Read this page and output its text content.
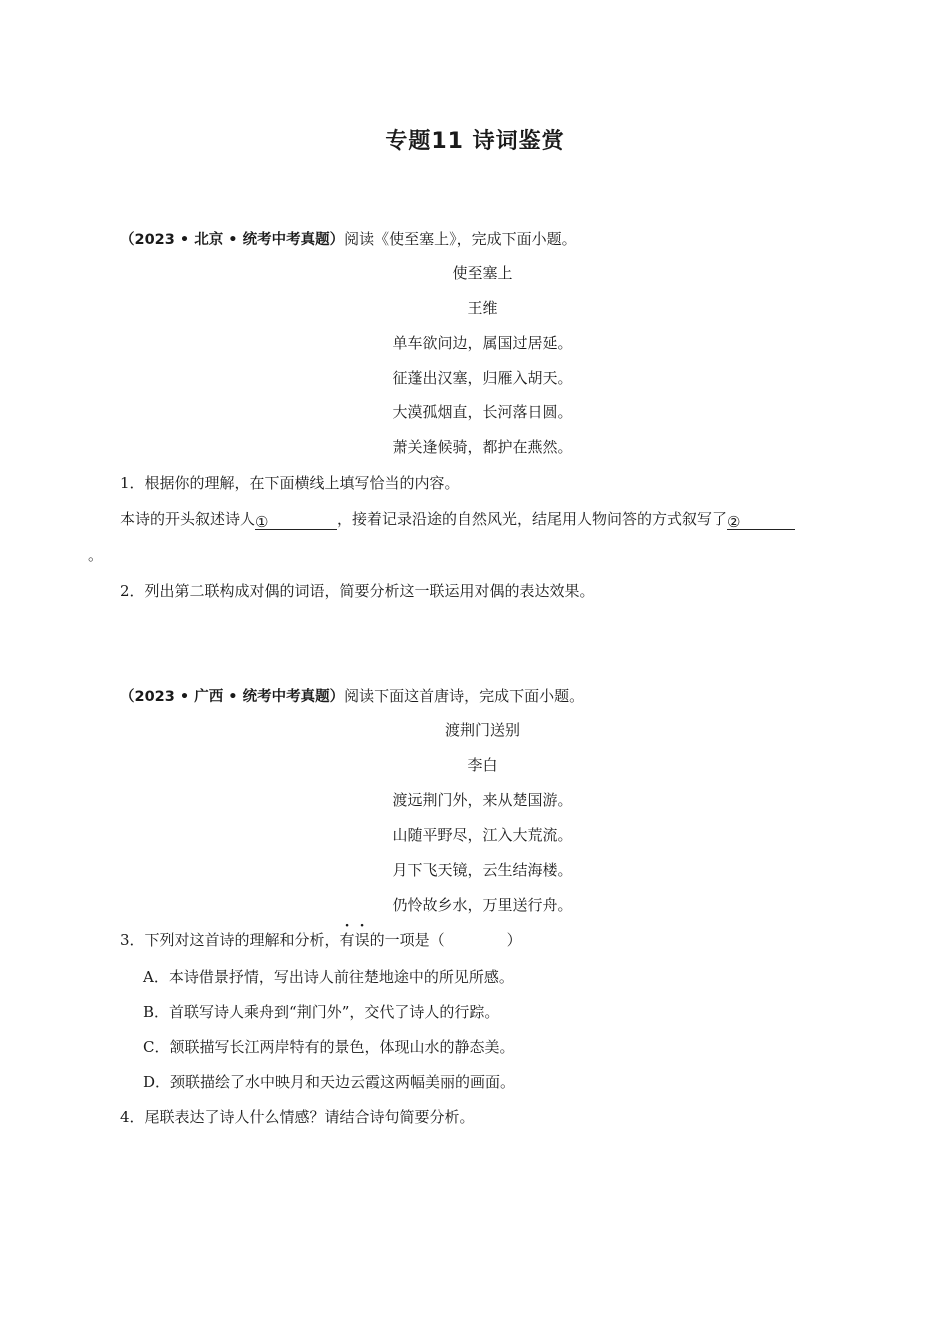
专题11 诗词鉴赏
（2023 • 北京 • 统考中考真题）阅读《使至塞上》，完成下面小题。
使至塞上
王维
单车欲问边，属国过居延。
征蓬出汉塞，归雁入胡天。
大漠孤烟直，长河落日圆。
萧关逢候骑，都护在燕然。
1．根据你的理解，在下面横线上填写恰当的内容。
本诗的开头叙述诗人①	，接着记录沿途的自然风光，结尾用人物问答的方式叙写了②
。
2．列出第二联构成对偶的词语，简要分析这一联运用对偶的表达效果。
（2023 • 广西 • 统考中考真题）阅读下面这首唐诗，完成下面小题。
渡荆门送别
李白
渡远荆门外，来从楚国游。
山随平野尽，江入大荒流。
月下飞天镜，云生结海楼。
仍怜故乡水，万里送行舟。
3．下列对这首诗的理解和分析，有误的一项是（	）
A．本诗借景抒情，写出诗人前往楚地途中的所见所感。
B．首联写诗人乘舟到“荆门外”，交代了诗人的行踪。
C．颔联描写长江两岸特有的景色，体现山水的静态美。
D．颈联描绘了水中映月和天边云霞这两幅美丽的画面。
4．尾联表达了诗人什么情感？请结合诗句简要分析。
